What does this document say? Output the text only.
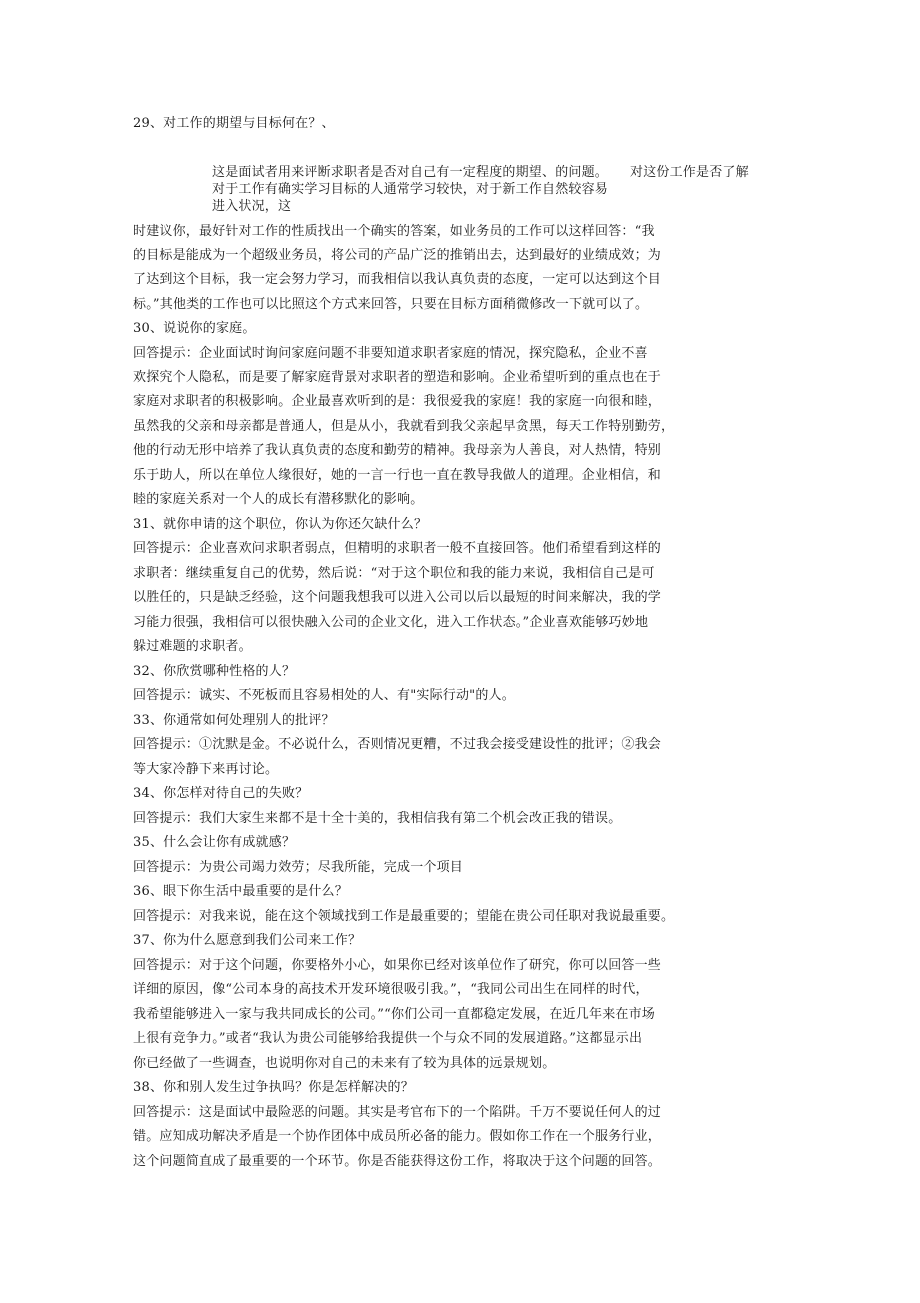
29、对工作的期望与目标何在？、
这是面试者用来评断求职者是否对自己有一定程度的期望、的问题。 对这份工作是否了解
对于工作有确实学习目标的人通常学习较快，对于新工作自然较容易
进入状况，这
时建议你，最好针对工作的性质找出一个确实的答案，如业务员的工作可以这样回答：“我
的目标是能成为一个超级业务员，将公司的产品广泛的推销出去，达到最好的业绩成效；为
了达到这个目标，我一定会努力学习，而我相信以我认真负责的态度，一定可以达到这个目
标。”其他类的工作也可以比照这个方式来回答，只要在目标方面稍微修改一下就可以了。
30、说说你的家庭。
回答提示：企业面试时询问家庭问题不非要知道求职者家庭的情况，探究隐私，企业不喜
欢探究个人隐私，而是要了解家庭背景对求职者的塑造和影响。企业希望听到的重点也在于
家庭对求职者的积极影响。企业最喜欢听到的是：我很爱我的家庭！我的家庭一向很和睦，
虽然我的父亲和母亲都是普通人，但是从小，我就看到我父亲起早贪黑，每天工作特别勤劳，
他的行动无形中培养了我认真负责的态度和勤劳的精神。我母亲为人善良，对人热情，特别
乐于助人，所以在单位人缘很好，她的一言一行也一直在教导我做人的道理。企业相信，和
睦的家庭关系对一个人的成长有潜移默化的影响。
31、就你申请的这个职位，你认为你还欠缺什么？
回答提示：企业喜欢问求职者弱点，但精明的求职者一般不直接回答。他们希望看到这样的
求职者：继续重复自己的优势，然后说：“对于这个职位和我的能力来说，我相信自己是可
以胜任的，只是缺乏经验，这个问题我想我可以进入公司以后以最短的时间来解决，我的学
习能力很强，我相信可以很快融入公司的企业文化，进入工作状态。”企业喜欢能够巧妙地
躲过难题的求职者。
32、你欣赏哪种性格的人？
回答提示：诚实、不死板而且容易相处的人、有"实际行动"的人。
33、你通常如何处理别人的批评？
回答提示：①沈默是金。不必说什么，否则情况更糟，不过我会接受建设性的批评；②我会
等大家冷静下来再讨论。
34、你怎样对待自己的失败？
回答提示：我们大家生来都不是十全十美的，我相信我有第二个机会改正我的错误。
35、什么会让你有成就感？
回答提示：为贵公司竭力效劳；尽我所能，完成一个项目
36、眼下你生活中最重要的是什么？
回答提示：对我来说，能在这个领域找到工作是最重要的；望能在贵公司任职对我说最重要。
37、你为什么愿意到我们公司来工作？
回答提示：对于这个问题，你要格外小心，如果你已经对该单位作了研究，你可以回答一些
详细的原因，像“公司本身的高技术开发环境很吸引我。”，“我同公司出生在同样的时代，
我希望能够进入一家与我共同成长的公司。”“你们公司一直都稳定发展，在近几年来在市场
上很有竞争力。”或者“我认为贵公司能够给我提供一个与众不同的发展道路。”这都显示出
你已经做了一些调查，也说明你对自己的未来有了较为具体的远景规划。
38、你和别人发生过争执吗？你是怎样解决的？
回答提示：这是面试中最险恶的问题。其实是考官布下的一个陷阱。千万不要说任何人的过
错。应知成功解决矛盾是一个协作团体中成员所必备的能力。假如你工作在一个服务行业，
这个问题简直成了最重要的一个环节。你是否能获得这份工作，将取决于这个问题的回答。
